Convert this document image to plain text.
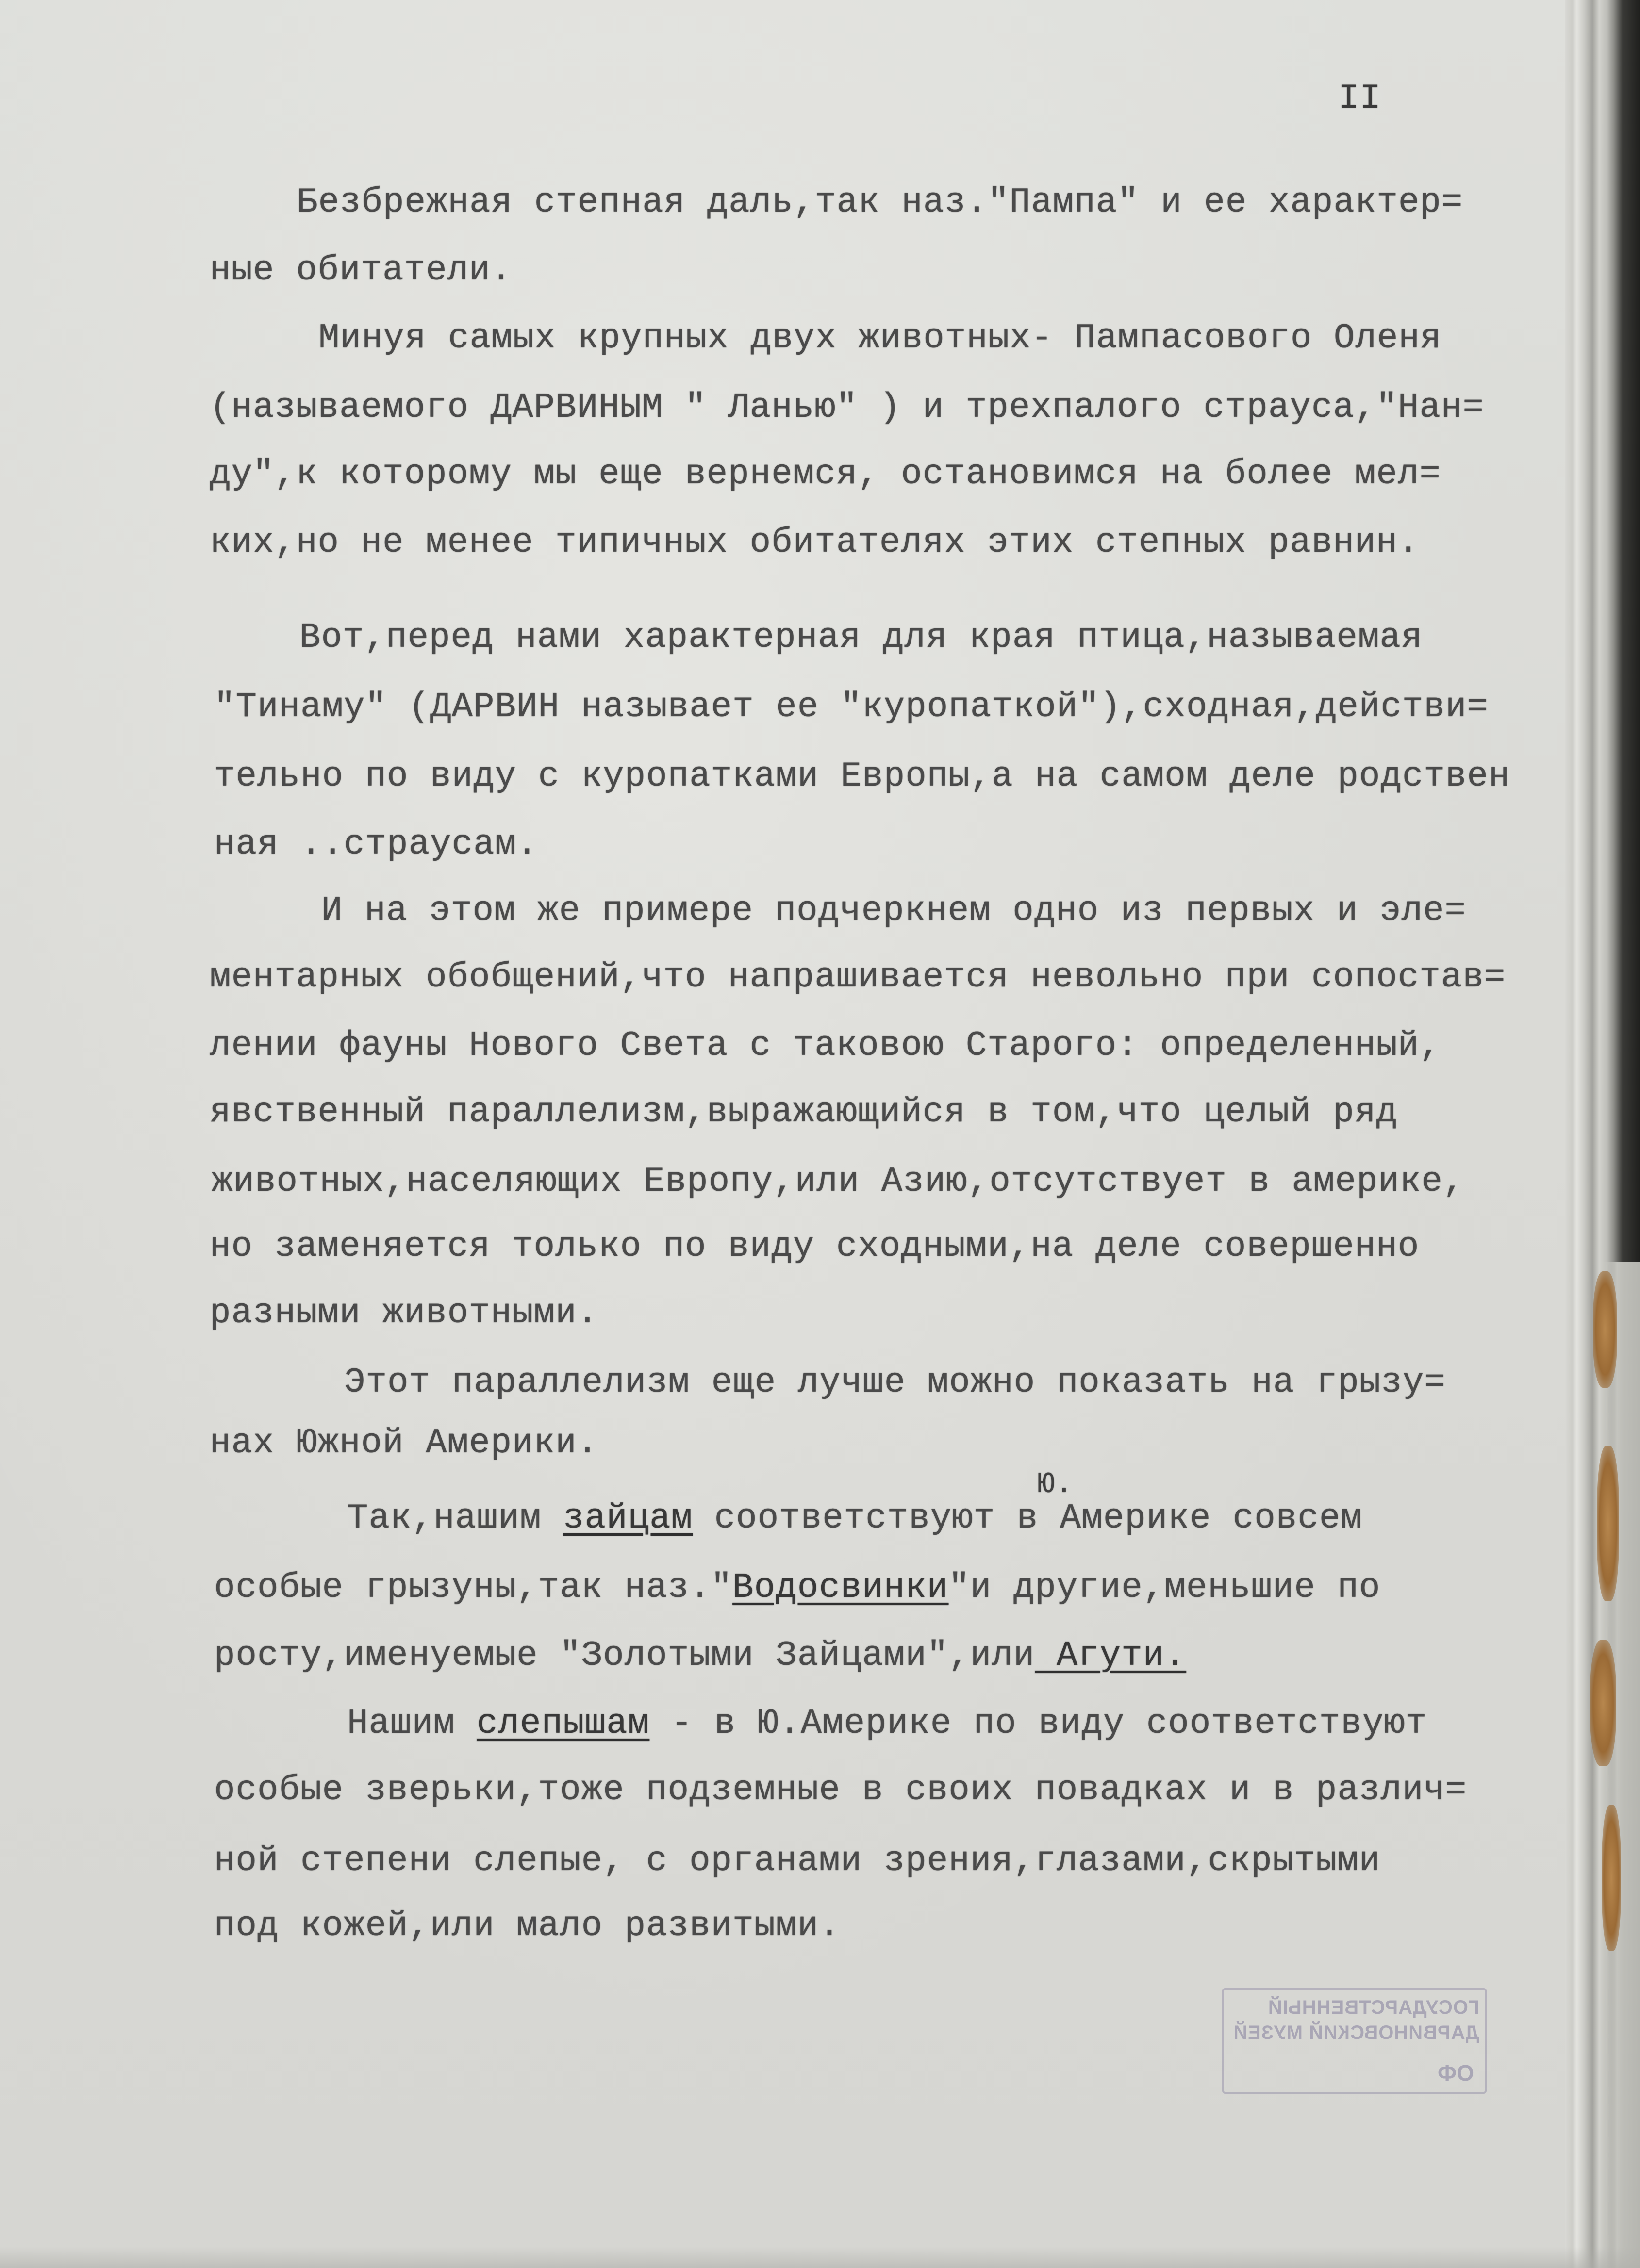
II
Безбрежная степная даль,так наз."Пампа" и ее характер=
ные обитатели.
Минуя самых крупных двух животных- Пампасового Оленя
(называемого ДАРВИНЫМ " Ланью" ) и трехпалого страуса,"Нан=
ду",к которому мы еще вернемся, остановимся на более мел=
ких,но не менее типичных обитателях этих степных равнин.
Вот,перед нами характерная для края птица,называемая
"Тинаму" (ДАРВИН называет ее "куропаткой"),сходная,действи=
тельно по виду с куропатками Европы,а на самом деле родствен
ная ..страусам.
И на этом же примере подчеркнем одно из первых и эле=
ментарных обобщений,что напрашивается невольно при сопостав=
лении фауны Нового Света с таковою Старого: определенный,
явственный параллелизм,выражающийся в том,что целый ряд
животных,населяющих Европу,или Азию,отсутствует в америке,
но заменяется только по виду сходными,на деле совершенно
разными животными.
Этот параллелизм еще лучше можно показать на грызу=
нах Южной Америки.
Ю.
Так,нашим зайцам соответствуют в Америке совсем
особые грызуны,так наз."Водосвинки"и другие,меньшие по
росту,именуемые "Золотыми Зайцами",или Агути.
Нашим слепышам - в Ю.Америке по виду соответствуют
особые зверьки,тоже подземные в своих повадках и в различ=
ной степени слепые, с органами зрения,глазами,скрытыми
под кожей,или мало развитыми.
ГОСУДАРСТВЕННЫЙ
ДАРВИНОВСКИЙ МУЗЕЙ
ФО
